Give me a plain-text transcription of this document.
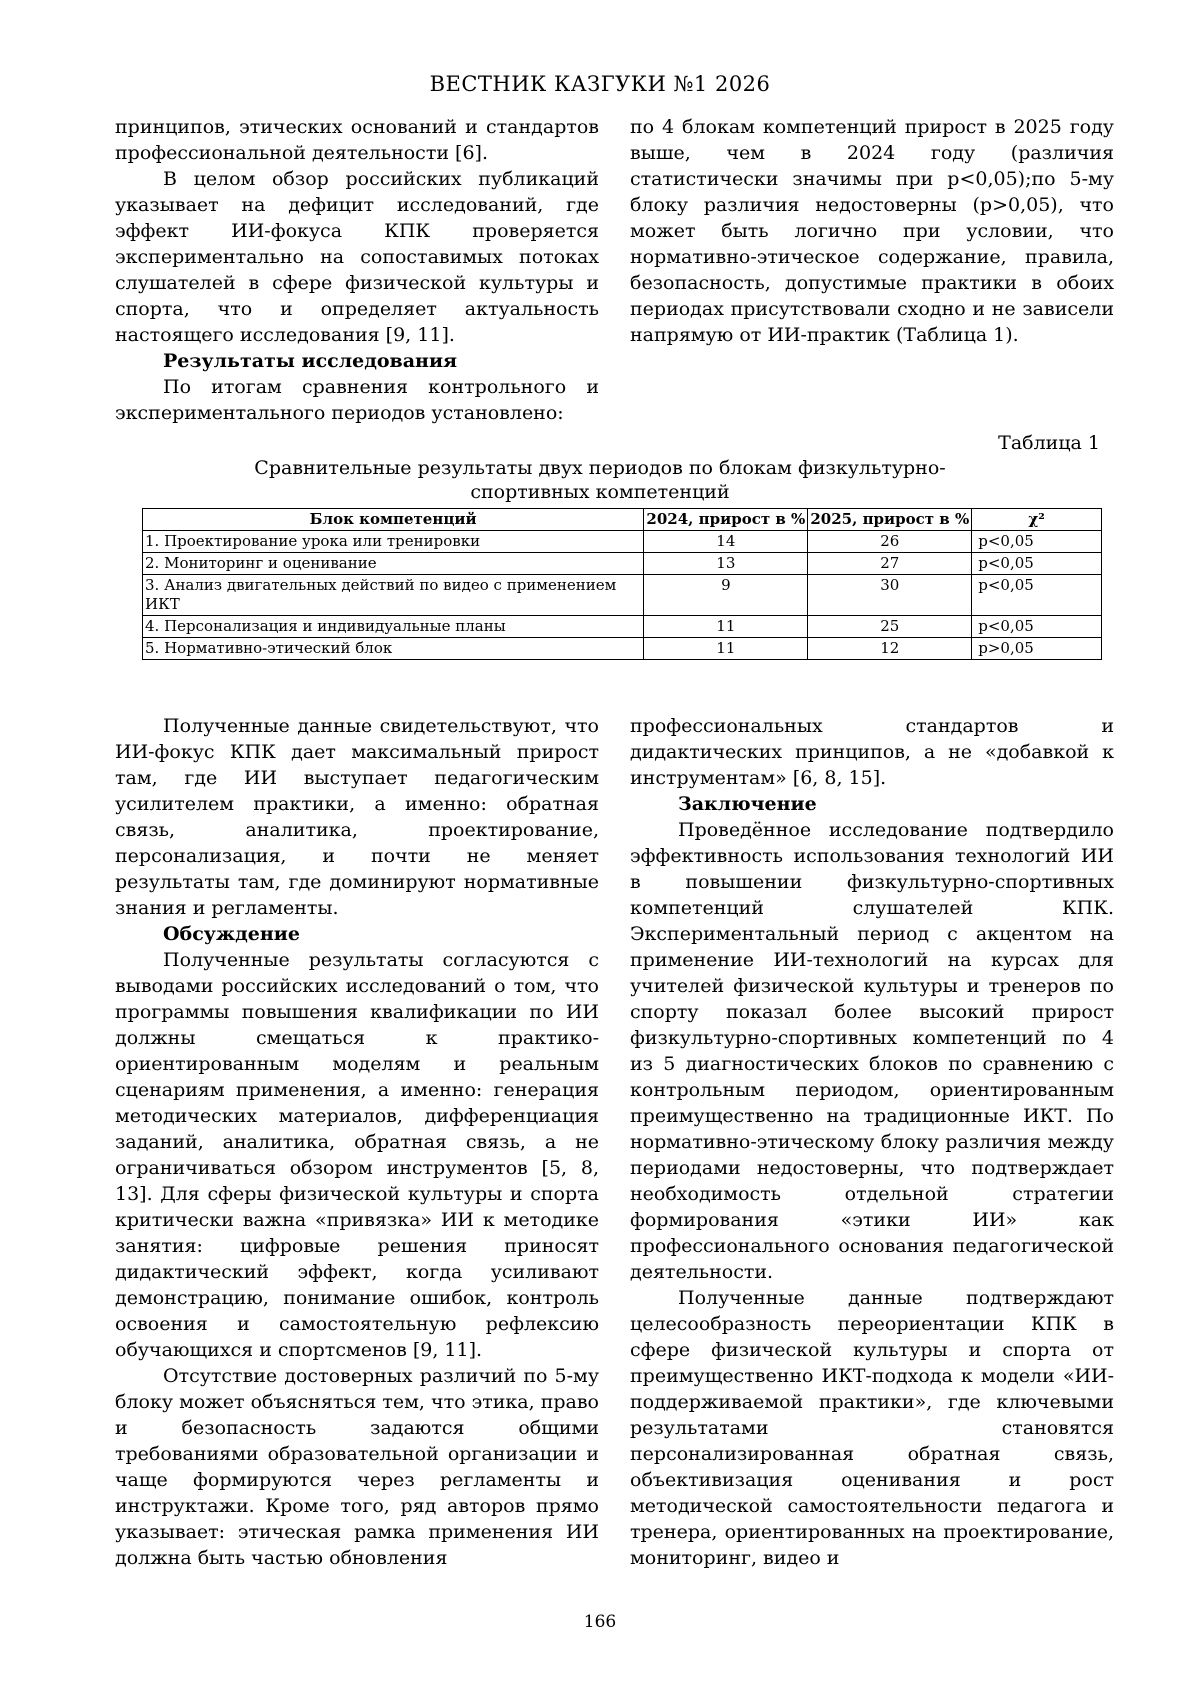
ВЕСТНИК КАЗГУКИ №1 2026

принципов, этических оснований и стандартов профессиональной деятельности [6].

В целом обзор российских публикаций указывает на дефицит исследований, где эффект ИИ-фокуса КПК проверяется экспериментально на сопоставимых потоках слушателей в сфере физической культуры и спорта, что и определяет актуальность настоящего исследования [9, 11].

Результаты исследования

По итогам сравнения контрольного и экспериментального периодов установлено:

по 4 блокам компетенций прирост в 2025 году выше, чем в 2024 году (различия статистически значимы при p<0,05);по 5-му блоку различия недостоверны (p>0,05), что может быть логично при условии, что нормативно-этическое содержание, правила, безопасность, допустимые практики в обоих периодах присутствовали сходно и не зависели напрямую от ИИ-практик (Таблица 1).

Таблица 1
Сравнительные результаты двух периодов по блокам физкультурно-спортивных компетенций
Блок компетенций	2024, прирост в %	2025, прирост в %	χ²
1. Проектирование урока или тренировки	14	26	p<0,05
2. Мониторинг и оценивание	13	27	p<0,05
3. Анализ двигательных действий по видео с применением ИКТ	9	30	p<0,05
4. Персонализация и индивидуальные планы	11	25	p<0,05
5. Нормативно-этический блок	11	12	p>0,05

Полученные данные свидетельствуют, что ИИ-фокус КПК дает максимальный прирост там, где ИИ выступает педагогическим усилителем практики, а именно: обратная связь, аналитика, проектирование, персонализация, и почти не меняет результаты там, где доминируют нормативные знания и регламенты.

Обсуждение

Полученные результаты согласуются с выводами российских исследований о том, что программы повышения квалификации по ИИ должны смещаться к практико-ориентированным моделям и реальным сценариям применения, а именно: генерация методических материалов, дифференциация заданий, аналитика, обратная связь, а не ограничиваться обзором инструментов [5, 8, 13]. Для сферы физической культуры и спорта критически важна «привязка» ИИ к методике занятия: цифровые решения приносят дидактический эффект, когда усиливают демонстрацию, понимание ошибок, контроль освоения и самостоятельную рефлексию обучающихся и спортсменов [9, 11].

Отсутствие достоверных различий по 5-му блоку может объясняться тем, что этика, право и безопасность задаются общими требованиями образовательной организации и чаще формируются через регламенты и инструктажи. Кроме того, ряд авторов прямо указывает: этическая рамка применения ИИ должна быть частью обновления

профессиональных стандартов и дидактических принципов, а не «добавкой к инструментам» [6, 8, 15].

Заключение

Проведённое исследование подтвердило эффективность использования технологий ИИ в повышении физкультурно-спортивных компетенций слушателей КПК. Экспериментальный период с акцентом на применение ИИ-технологий на курсах для учителей физической культуры и тренеров по спорту показал более высокий прирост физкультурно-спортивных компетенций по 4 из 5 диагностических блоков по сравнению с контрольным периодом, ориентированным преимущественно на традиционные ИКТ. По нормативно-этическому блоку различия между периодами недостоверны, что подтверждает необходимость отдельной стратегии формирования «этики ИИ» как профессионального основания педагогической деятельности.

Полученные данные подтверждают целесообразность переориентации КПК в сфере физической культуры и спорта от преимущественно ИКТ-подхода к модели «ИИ-поддерживаемой практики», где ключевыми результатами становятся персонализированная обратная связь, объективизация оценивания и рост методической самостоятельности педагога и тренера, ориентированных на проектирование, мониторинг, видео и

166
